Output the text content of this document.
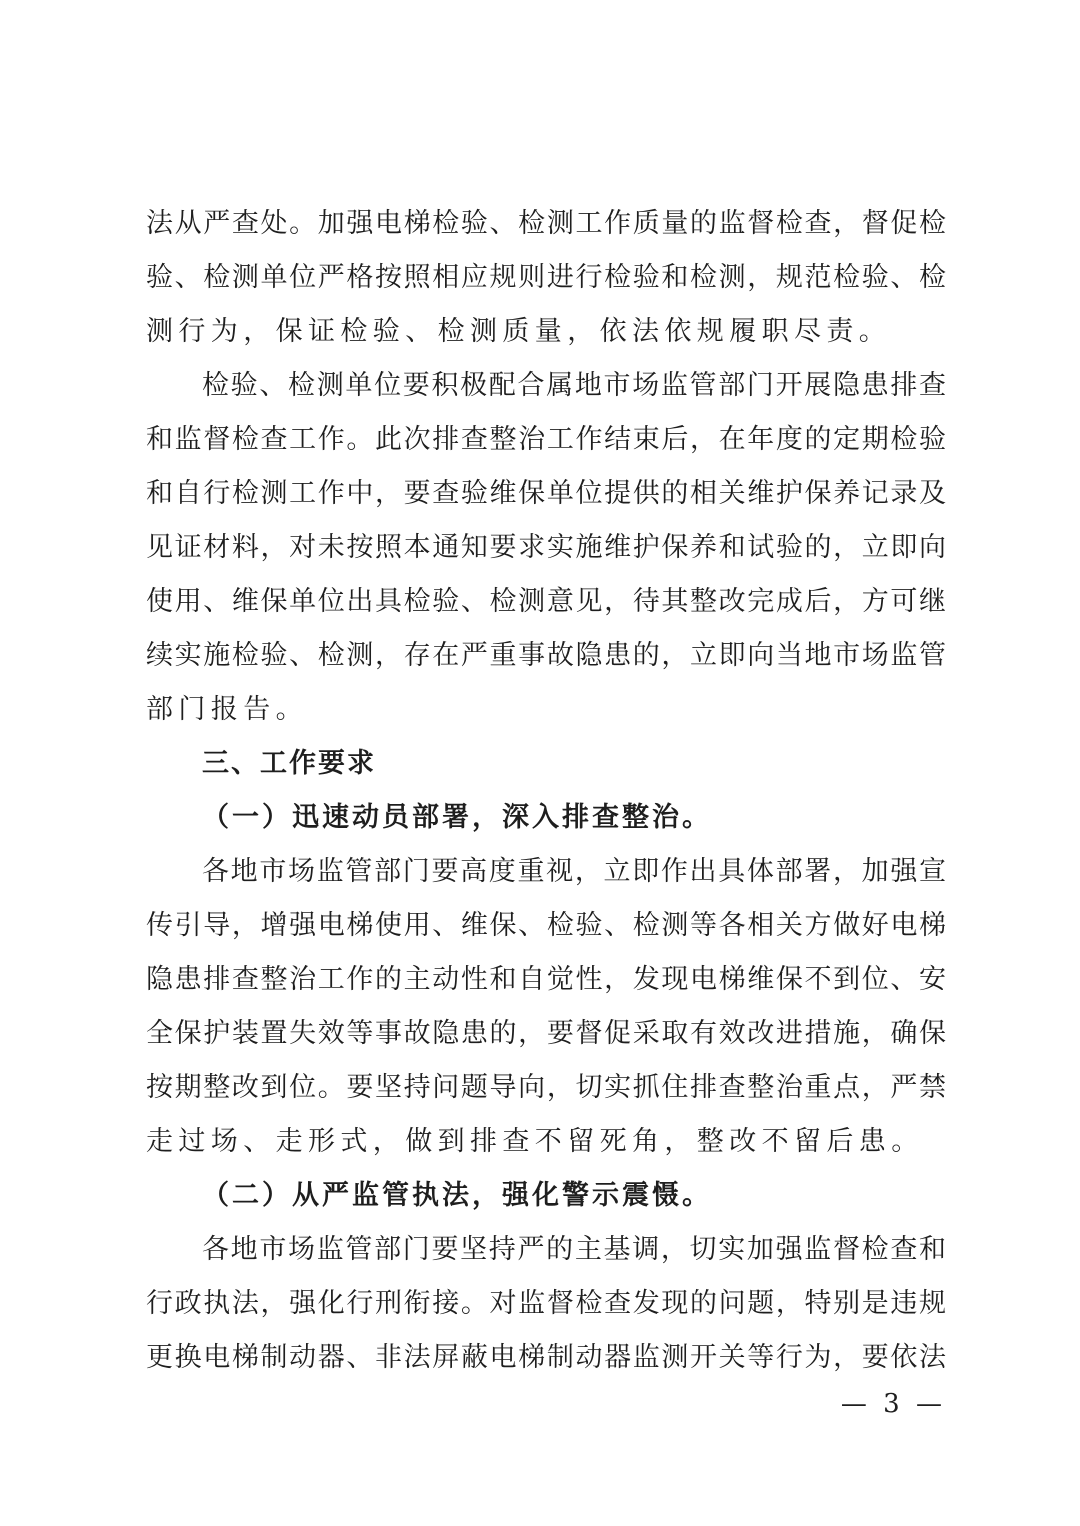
法从严查处。加强电梯检验、检测工作质量的监督检查，督促检
验、检测单位严格按照相应规则进行检验和检测，规范检验、检
测行为，保证检验、检测质量，依法依规履职尽责。
检验、检测单位要积极配合属地市场监管部门开展隐患排查
和监督检查工作。此次排查整治工作结束后，在年度的定期检验
和自行检测工作中，要查验维保单位提供的相关维护保养记录及
见证材料，对未按照本通知要求实施维护保养和试验的，立即向
使用、维保单位出具检验、检测意见，待其整改完成后，方可继
续实施检验、检测，存在严重事故隐患的，立即向当地市场监管
部门报告。
三、工作要求
（一）迅速动员部署，深入排查整治。
各地市场监管部门要高度重视，立即作出具体部署，加强宣
传引导，增强电梯使用、维保、检验、检测等各相关方做好电梯
隐患排查整治工作的主动性和自觉性，发现电梯维保不到位、安
全保护装置失效等事故隐患的，要督促采取有效改进措施，确保
按期整改到位。要坚持问题导向，切实抓住排查整治重点，严禁
走过场、走形式，做到排查不留死角，整改不留后患。
（二）从严监管执法，强化警示震慑。
各地市场监管部门要坚持严的主基调，切实加强监督检查和
行政执法，强化行刑衔接。对监督检查发现的问题，特别是违规
更换电梯制动器、非法屏蔽电梯制动器监测开关等行为，要依法
— 3 —
